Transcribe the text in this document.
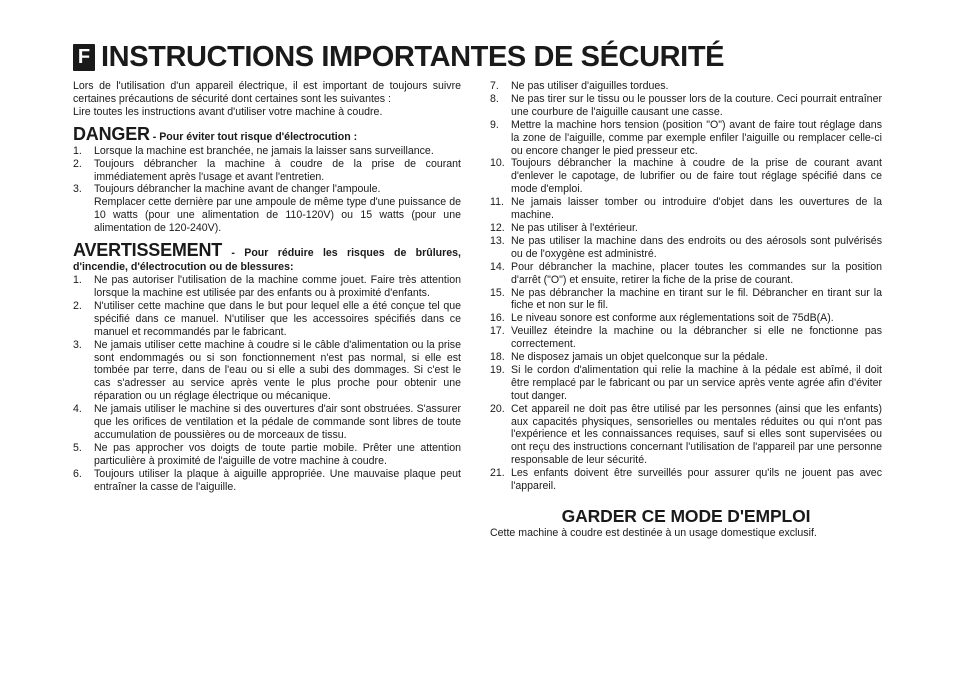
F INSTRUCTIONS IMPORTANTES DE SÉCURITÉ

Lors de l'utilisation d'un appareil électrique, il est important de toujours suivre certaines précautions de sécurité dont certaines sont les suivantes :

Lire toutes les instructions avant d'utiliser votre machine à coudre.

DANGER - Pour éviter tout risque d'électrocution :
1. Lorsque la machine est branchée, ne jamais la laisser sans surveillance.
2. Toujours débrancher la machine à coudre de la prise de courant immédiatement après l'usage et avant l'entretien.
3. Toujours débrancher la machine avant de changer l'ampoule.
Remplacer cette dernière par une ampoule de même type d'une puissance de 10 watts (pour une alimentation de 110-120V) ou 15 watts (pour une alimentation de 120-240V).
AVERTISSEMENT - Pour réduire les risques de brûlures, d'incendie, d'électrocution ou de blessures:
1. Ne pas autoriser l'utilisation de la machine comme jouet. Faire très attention lorsque la machine est utilisée par des enfants ou à proximité d'enfants.
2. N'utiliser cette machine que dans le but pour lequel elle a été conçue tel que spécifié dans ce manuel. N'utiliser que les accessoires spécifiés dans ce manuel et recommandés par le fabricant.
3. Ne jamais utiliser cette machine à coudre si le câble d'alimentation ou la prise sont endommagés ou si son fonctionnement n'est pas normal, si elle est tombée par terre, dans de l'eau ou si elle a subi des dommages. Si c'est le cas s'adresser au service après vente le plus proche pour obtenir une réparation ou un réglage électrique ou mécanique.
4. Ne jamais utiliser le machine si des ouvertures d'air sont obstruées. S'assurer que les orifices de ventilation et la pédale de commande sont libres de toute accumulation de poussières ou de morceaux de tissu.
5. Ne pas approcher vos doigts de toute partie mobile. Prêter une attention particulière à proximité de l'aiguille de votre machine à coudre.
6. Toujours utiliser la plaque à aiguille appropriée. Une mauvaise plaque peut entraîner la casse de l'aiguille.
7. Ne pas utiliser d'aiguilles tordues.
8. Ne pas tirer sur le tissu ou le pousser lors de la couture. Ceci pourrait entraîner une courbure de l'aiguille causant une casse.
9. Mettre la machine hors tension (position "O") avant de faire tout réglage dans la zone de l'aiguille, comme par exemple enfiler l'aiguille ou remplacer celle-ci ou encore changer le pied presseur etc.
10. Toujours débrancher la machine à coudre de la prise de courant avant d'enlever le capotage, de lubrifier ou de faire tout réglage spécifié dans ce mode d'emploi.
11. Ne jamais laisser tomber ou introduire d'objet dans les ouvertures de la machine.
12. Ne pas utiliser à l'extérieur.
13. Ne pas utiliser la machine dans des endroits ou des aérosols sont pulvérisés ou de l'oxygène est administré.
14. Pour débrancher la machine, placer toutes les commandes sur la position d'arrêt ("O") et ensuite, retirer la fiche de la prise de courant.
15. Ne pas débrancher la machine en tirant sur le fil. Débrancher en tirant sur la fiche et non sur le fil.
16. Le niveau sonore est conforme aux réglementations soit de 75dB(A).
17. Veuillez éteindre la machine ou la débrancher si elle ne fonctionne pas correctement.
18. Ne disposez jamais un objet quelconque sur la pédale.
19. Si le cordon d'alimentation qui relie la machine à la pédale est abîmé, il doit être remplacé par le fabricant ou par un service après vente agrée afin d'éviter tout danger.
20. Cet appareil ne doit pas être utilisé par les personnes (ainsi que les enfants) aux capacités physiques, sensorielles ou mentales réduites ou qui n'ont pas l'expérience et les connaissances requises, sauf si elles sont supervisées ou ont reçu des instructions concernant l'utilisation de l'appareil par une personne responsable de leur sécurité.
21. Les enfants doivent être surveillés pour assurer qu'ils ne jouent pas avec l'appareil.
GARDER CE MODE D'EMPLOI

Cette machine à coudre est destinée à un usage domestique exclusif.
